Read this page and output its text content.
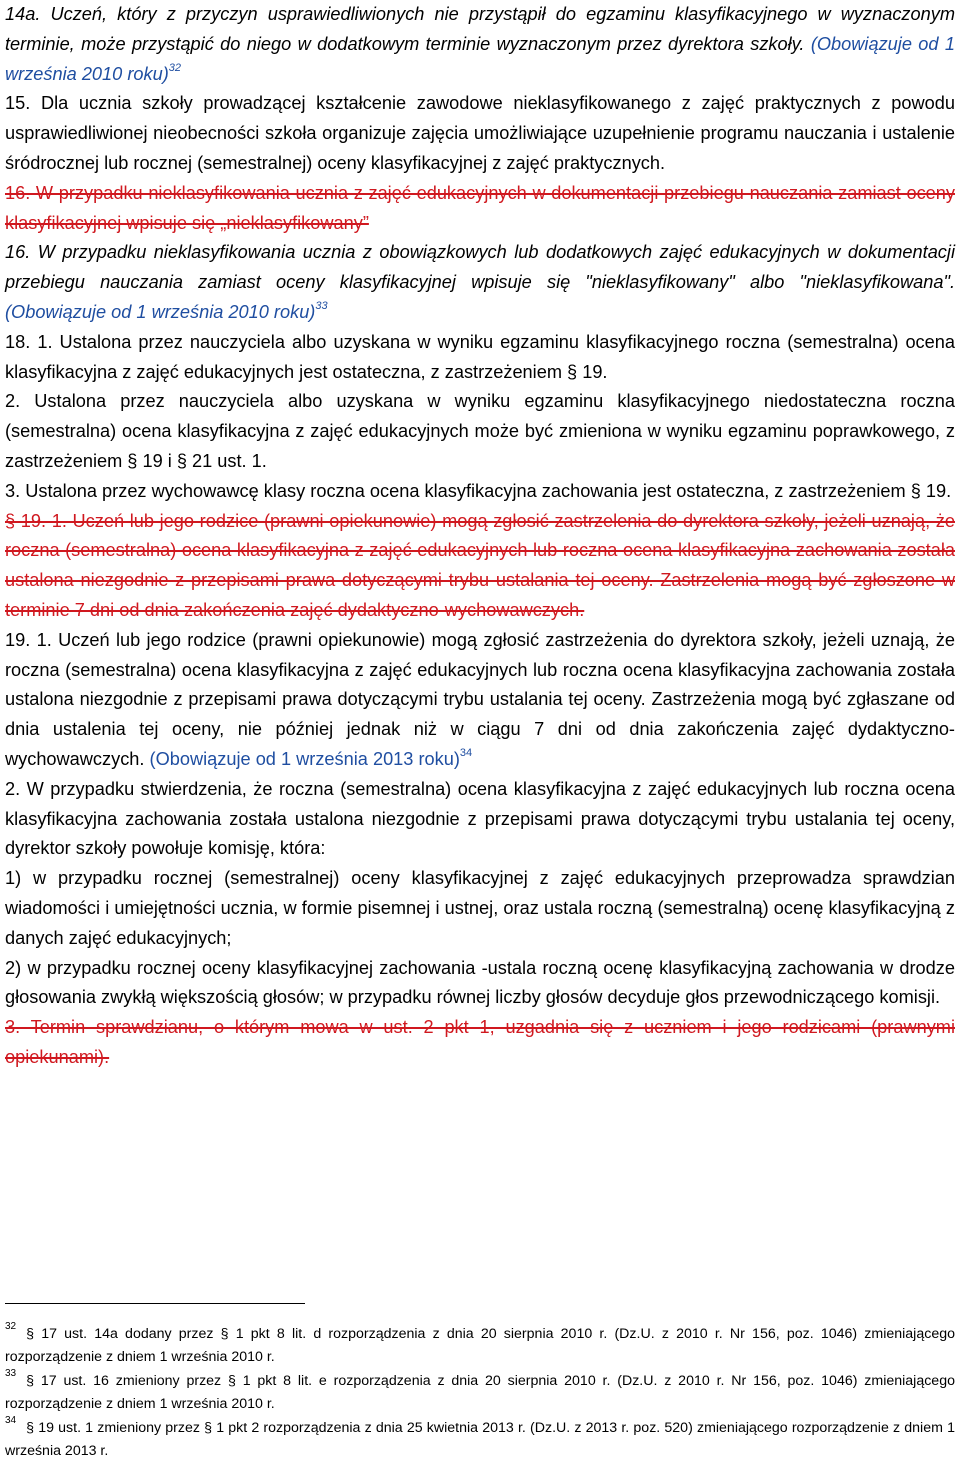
14a. Uczeń, który z przyczyn usprawiedliwionych nie przystąpił do egzaminu klasyfikacyjnego w wyznaczonym terminie, może przystąpić do niego w dodatkowym terminie wyznaczonym przez dyrektora szkoły. (Obowiązuje od 1 września 2010 roku)$^{32}$

15. Dla ucznia szkoły prowadzącej kształcenie zawodowe nieklasyfikowanego z zajęć praktycznych z powodu usprawiedliwionej nieobecności szkoła organizuje zajęcia umożliwiające uzupełnienie programu nauczania i ustalenie śródrocznej lub rocznej (semestralnej) oceny klasyfikacyjnej z zajęć praktycznych.

16. W przypadku nieklasyfikowania ucznia z zajęć edukacyjnych w dokumentacji przebiegu nauczania zamiast oceny klasyfikacyjnej wpisuje się „nieklasyfikowany”

16. W przypadku nieklasyfikowania ucznia z obowiązkowych lub dodatkowych zajęć edukacyjnych w dokumentacji przebiegu nauczania zamiast oceny klasyfikacyjnej wpisuje się "nieklasyfikowany" albo "nieklasyfikowana". (Obowiązuje od 1 września 2010 roku)$^{33}$

18. 1. Ustalona przez nauczyciela albo uzyskana w wyniku egzaminu klasyfikacyjnego roczna (semestralna) ocena klasyfikacyjna z zajęć edukacyjnych jest ostateczna, z zastrzeżeniem § 19.

2. Ustalona przez nauczyciela albo uzyskana w wyniku egzaminu klasyfikacyjnego niedostateczna roczna (semestralna) ocena klasyfikacyjna z zajęć edukacyjnych może być zmieniona w wyniku egzaminu poprawkowego, z zastrzeżeniem § 19 i § 21 ust. 1.

3. Ustalona przez wychowawcę klasy roczna ocena klasyfikacyjna zachowania jest ostateczna, z zastrzeżeniem § 19.

§ 19. 1. Uczeń lub jego rodzice (prawni opiekunowie) mogą zgłosić zastrzelenia do dyrektora szkoły, jeżeli uznają, że roczna (semestralna) ocena klasyfikacyjna z zajęć edukacyjnych lub roczna ocena klasyfikacyjna zachowania została ustalona niezgodnie z przepisami prawa dotyczącymi trybu ustalania tej oceny. Zastrzelenia mogą być zgłoszone w terminie 7 dni od dnia zakończenia zajęć dydaktyczno-wychowawczych.

19. 1. Uczeń lub jego rodzice (prawni opiekunowie) mogą zgłosić zastrzeżenia do dyrektora szkoły, jeżeli uznają, że roczna (semestralna) ocena klasyfikacyjna z zajęć edukacyjnych lub roczna ocena klasyfikacyjna zachowania została ustalona niezgodnie z przepisami prawa dotyczącymi trybu ustalania tej oceny. Zastrzeżenia mogą być zgłaszane od dnia ustalenia tej oceny, nie później jednak niż w ciągu 7 dni od dnia zakończenia zajęć dydaktyczno-wychowawczych. (Obowiązuje od 1 września 2013 roku)$^{34}$

2. W przypadku stwierdzenia, że roczna (semestralna) ocena klasyfikacyjna z zajęć edukacyjnych lub roczna ocena klasyfikacyjna zachowania została ustalona niezgodnie z przepisami prawa dotyczącymi trybu ustalania tej oceny, dyrektor szkoły powołuje komisję, która:

1) w przypadku rocznej (semestralnej) oceny klasyfikacyjnej z zajęć edukacyjnych przeprowadza sprawdzian wiadomości i umiejętności ucznia, w formie pisemnej i ustnej, oraz ustala roczną (semestralną) ocenę klasyfikacyjną z danych zajęć edukacyjnych;

2) w przypadku rocznej oceny klasyfikacyjnej zachowania -ustala roczną ocenę klasyfikacyjną zachowania w drodze głosowania zwykłą większością głosów; w przypadku równej liczby głosów decyduje głos przewodniczącego komisji.

3. Termin sprawdzianu, o którym mowa w ust. 2 pkt 1, uzgadnia się z uczniem i jego rodzicami (prawnymi opiekunami).

$^{32}$ § 17 ust. 14a dodany przez § 1 pkt 8 lit. d rozporządzenia z dnia 20 sierpnia 2010 r. (Dz.U. z 2010 r. Nr 156, poz. 1046) zmieniającego rozporządzenie z dniem 1 września 2010 r.

$^{33}$ § 17 ust. 16 zmieniony przez § 1 pkt 8 lit. e rozporządzenia z dnia 20 sierpnia 2010 r. (Dz.U. z 2010 r. Nr 156, poz. 1046) zmieniającego rozporządzenie z dniem 1 września 2010 r.

$^{34}$ § 19 ust. 1 zmieniony przez § 1 pkt 2 rozporządzenia z dnia 25 kwietnia 2013 r. (Dz.U. z 2013 r. poz. 520) zmieniającego rozporządzenie z dniem 1 września 2013 r.
